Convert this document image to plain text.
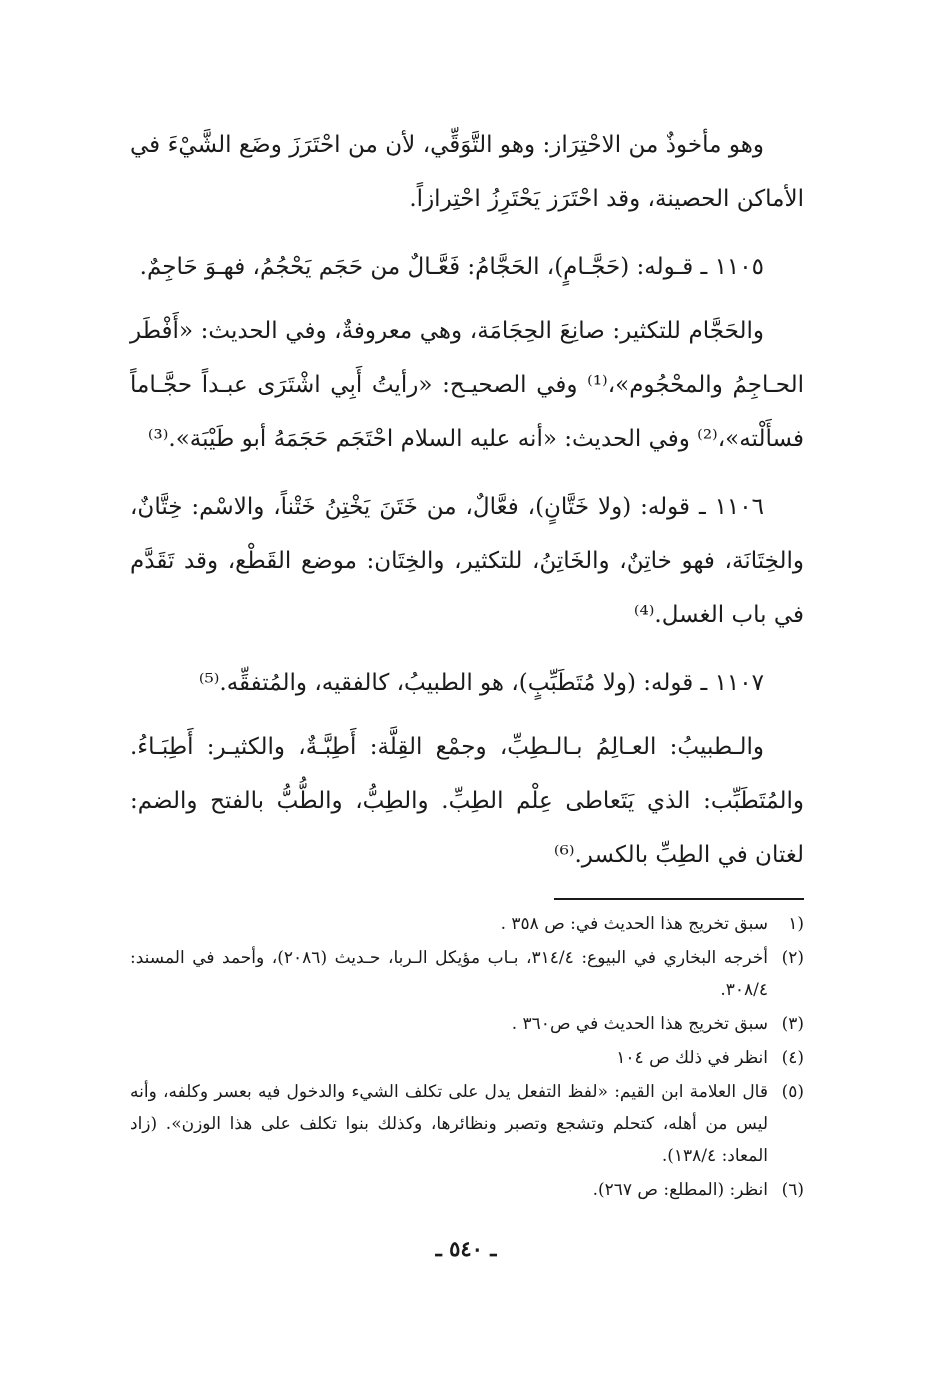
وهو مأخوذٌ من الاحْتِرَاز: وهو التَّوَقِّي، لأن من احْتَرَزَ وضَع الشَّيْءَ في الأماكن الحصينة، وقد احْتَرَز يَحْتَرِزُ احْتِرازاً.

١١٠٥ ـ قـوله: (حَجَّـامٍ)، الحَجَّامُ: فَعَّـالٌ من حَجَم يَحْجُمُ، فهـوَ حَاجِمٌ.

والحَجَّام للتكثير: صانِعَ الحِجَامَة، وهي معروفةٌ، وفي الحديث: «أَفْطَر الحـاجِمُ والمحْجُوم»،⁽¹⁾ وفي الصحيـح: «رأيتُ أَبِي اشْتَرَى عبـداً حجَّـاماً فسأَلْته»،⁽²⁾ وفي الحديث: «أنه عليه السلام احْتَجَم حَجَمَهُ أبو طَيْبَة».⁽³⁾

١١٠٦ ـ قوله: (ولا خَتَّانٍ)، فعَّالٌ، من خَتَنَ يَخْتِنُ خَتْناً، والاسْم: خِتَّانٌ، والخِتَانَة، فهو خاتِنٌ، والخَاتِنُ، للتكثير، والخِتَان: موضع القَطْع، وقد تَقَدَّم في باب الغسل.⁽⁴⁾

١١٠٧ ـ قوله: (ولا مُتَطَبِّبٍ)، هو الطبيبُ، كالفقيه، والمُتفقِّه.⁽⁵⁾

والـطبيبُ: العـالِمُ بـالـطِبِّ، وجمْع القِلَّة: أَطِبَّـةٌ، والكثيـر: أَطِبَـاءُ. والمُتَطَبِّب: الذي يَتَعاطى عِلْم الطِبِّ. والطِبُّ، والطُّبُّ بالفتح والضم: لغتان في الطِبِّ بالكسر.⁽⁶⁾

(١
سبق تخريج هذا الحديث في: ص ٣٥٨ .
(٢)
أخرجه البخاري في البيوع: ٣١٤/٤، بـاب مؤيكل الـربا، حـديث (٢٠٨٦)، وأحمد في المسند: ٣٠٨/٤.
(٣)
سبق تخريج هذا الحديث في ص٣٦٠ .
(٤)
انظر في ذلك ص ١٠٤
(٥)
قال العلامة ابن القيم: «لفظ التفعل يدل على تكلف الشيء والدخول فيه بعسر وكلفه، وأنه ليس من أهله، كتحلم وتشجع وتصبر ونظائرها، وكذلك بنوا تكلف على هذا الوزن». (زاد المعاد: ١٣٨/٤).
(٦)
انظر: (المطلع: ص ٢٦٧).
ـ ٥٤٠ ـ
